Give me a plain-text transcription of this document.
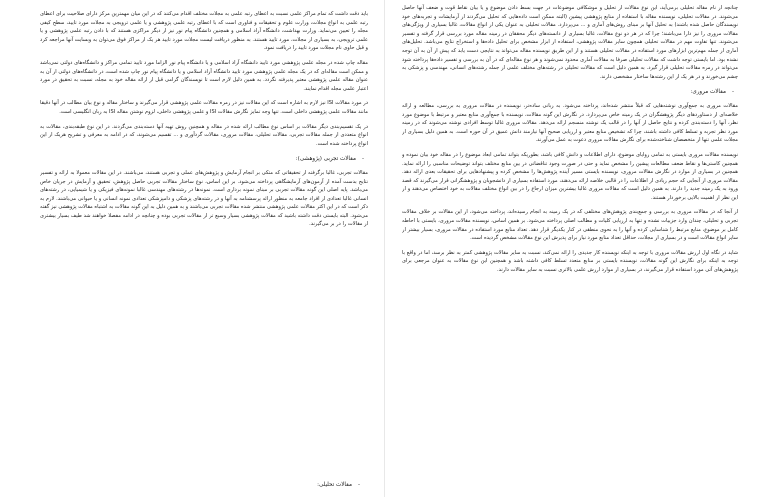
باید دقت داشت که تمام مراکز علمی نسبت به اعطای رتبه علمی به مجلات مختلف اقدام می‌کنند که در این میان مهمترین مرکز دارای صلاحیت برای اعطای رتبه علمی به انواع مجلات، وزارت علوم و تحقیقات و فناوری است که با اعطای رتبه علمی پژوهشی و یا علمی ترویجی به مجلات مورد تایید، سطح کیفی مجله را تعیین می‌نماید. وزارت بهداشت، دانشگاه آزاد اسلامی و همچنین دانشگاه پیام نور نیز از دیگر مراکزی هستند که با دادن رتبه علمی پژوهشی و یا علمی ترویجی، به بسیاری از مجلات، مورد تایید هستند. به منظور دریافت لیست مجلات مورد تایید هر یک از مراکز فوق می‌توان به وبسایت آنها مراجعه کرد و قبل حاوی نام مجلات مورد تایید را دریافت نمود.

مقاله چاپ شده در مجله علمی پژوهشی مورد تایید دانشگاه آزاد اسلامی و یا دانشگاه پیام نور الزاما مورد تایید تمامی مراکز و دانشگاه‌های دولتی نمی‌باشد و ممکن است مقاله‌ای که در یک مجله علمی پژوهشی مورد تایید دانشگاه آزاد اسلامی و یا دانشگاه پیام نور چاپ شده است، در دانشگاه‌های دولتی از آن به عنوان مقاله علمی پژوهشی معتبر پذیرفته نگردد. به همین دلیل لازم است تا نویسندگان گرامی قبل از ارائه مقاله خود به مجله، نسبت به تحقیق در مورد اعتبار علمی مجله اقدام نمایند.

در مورد مقالات ISI نیز لازم به اشاره است که این مقالات نیز در زمره مقالات علمی پژوهشی قرار می‌گیرند و ساختار مقاله و نوع بیان مطالب در آنها دقیقا مانند مقالات علمی پژوهشی داخلی است. تنها وجه تمایز نگارش مقالات ISI و علمی پژوهشی داخلی، لزوم نوشتن مقاله ISI به زبان انگلیسی است.

در یک تقسیم‌بندی دیگر مقالات بر اساس نوع مطالب ارائه شده در مقاله و همچنین روش تهیه آنها دسته‌بندی می‌گردند. در این نوع طبقه‌بندی، مقالات به انواع متعددی از جمله مقالات تجربی، مقالات تحلیلی، مقالات مروری، مقالات گردآوری و ... تقسیم می‌شوند، که در ادامه به معرفی و تشریح هریک از این انواع پرداخته شده است.

-مقالات تجربی (پژوهشی):

مقالات تجربی، غالبا برگرفته از تحقیقاتی که متکی بر انجام آزمایش و پژوهش‌های عملی و تجربی هستند، می‌باشند. در این مقالات معمولا به ارائه و تفسیر نتایج بدست آمده از آزمون‌های آزمایشگاهی پرداخته می‌شود. بر این اساس، نوع ساختار مقالات تجربی حاصل پژوهش، تحقیق و آزمایش در جریان خاص می‌باشد. پایه اصلی این گونه مقالات تجربی بر مبنای نمونه برداری است. نمونه‌ها در رشته‌های مهندسی غالبا نمونه‌های فیزیکی و یا شیمیایی، در رشته‌های انسانی غالبا تعدادی از افراد جامعه به منظور ارائه پرسشنامه به آنها و در رشته‌های پزشکی و دامپزشکی تعدادی نمونه انسانی و یا حیوانی می‌باشند. لازم به ذکر است که در این اکثر مقالات علمی پژوهشی منتشر شده مقالات تجربی می‌باشند و به همین دلیل به این گونه مقالات به اشتباه مقالات پژوهشی نیز گفته می‌شود. البته بایستی دقت داشته باشید که مقالات پژوهشی بسیار وسیع تر از مقالات تجربی بوده و چنانچه در ادامه مفصلا خواهند شد طیف بسیار بیشتری از مقالات را در بر می‌گیرند.

-مقالات تحلیلی:

چنانچه از نام مقاله تحلیلی برمی‌آید، این نوع مقالات از تحلیل و موشکافی موضوعات در جهت بسط دادن موضوع و یا بیان نقاط قوت و ضعف آنها حاصل می‌شوند. در مقالات تحلیلی، نویسنده مقاله با استفاده از منابع پژوهشی پیشین (البته ممکن است داده‌هایی که تحلیل می‌گردند از آزمایشات و تجربه‌های خود نویسندگان حاصل شده باشند) به تحلیل آنها بر مبنای روش‌های آماری و ... می‌پردازد. مقالات تحلیلی به عنوان یکی از انواع مقالات، غالبا بسیاری از ویژگی‌های مقالات مروری را نیز دارا می‌باشند؛ چرا که در هر دو نوع مقالات، غالبا بسیاری از دانسته‌های دیگر محققان در زمینه مقاله مورد بررسی قرار گرفته و تفسیر می‌شوند. تنها تفاوت مهم در مقالات تحلیلی همچون سایر مقالات پژوهشی، استفاده از ابزار مشخص برای تحلیل داده‌ها و استخراج نتایج می‌باشد. تحلیل‌های آماری از جمله مهم‌ترین ابزارهای مورد استفاده در مقالات تحلیلی هستند و از این طریق نویسنده مقاله می‌تواند به نتایجی دست یابد که پیش از آن به آن توجه نشده بود. اما بایستی توجه داشت که مقالات تحلیلی صرفا به مقالات آماری محدود نمی‌شوند و هر نوع مقاله‌ای که در آن به بررسی و تفسیر داده‌ها پرداخته شود می‌تواند در زمره مقالات تحلیلی قرار گیرد. به همین دلیل است که مقالات تحلیلی در رشته‌های مختلف علمی از جمله رشته‌های انسانی، مهندسی و پزشکی به چشم می‌خورند و در هر یک از این رشته‌ها ساختار مشخصی دارند.

-مقالات مروری:

مقالات مروری به جمع‌آوری نوشته‌هایی که قبلاً منتشر شده‌اند، پرداخته می‌شود. به زبانی ساده‌تر، نویسنده در مقالات مروری به بررسی، مطالعه و ارائه خلاصه‌ای از دستاوردهای دیگر پژوهشگران در یک زمینه خاص می‌پردازد. در نگارش این گونه مقالات، نویسنده با جمع‌آوری منابع معتبر و مرتبط با موضوع مورد نظر، آنها را دسته‌بندی کرده و نتایج حاصل از آنها را در قالب یک نوشته منسجم ارائه می‌دهد. مقالات مروری غالبا توسط افرادی نوشته می‌شوند که در زمینه مورد نظر تجربه و تسلط کافی داشته باشند، چرا که تشخیص منابع معتبر و ارزیابی صحیح آنها نیازمند دانش عمیق در آن حوزه است. به همین دلیل بسیاری از مجلات علمی تنها از متخصصان شناخته‌شده برای نگارش مقالات مروری دعوت به عمل می‌آورند.

نویسنده مقالات مروری بایستی به تمامی زوایای موضوع، دارای اطلاعات و دانش کافی باشد، بطوریکه بتواند تمامی ابعاد موضوع را در مقاله خود بیان نموده و همچنین کاستی‌ها و نقاط ضعف مطالعات پیشین را مشخص نماید و حتی در صورت وجود تناقضاتی در بین منابع مختلف بتواند توضیحات مناسبی را ارائه نماید. همچنین در بسیاری از موارد در نگارش مقالات مروری، نویسنده بایستی مسیر آینده پژوهش‌ها را مشخص کرده و پیشنهادهایی برای تحقیقات بعدی ارائه دهد. مقالات مروری از آنجایی که حجم زیادی از اطلاعات را در قالبی خلاصه ارائه می‌دهند، مورد استفاده بسیاری از دانشجویان و پژوهشگرانی قرار می‌گیرند که قصد ورود به یک زمینه جدید را دارند. به همین دلیل است که مقالات مروری غالبا بیشترین میزان ارجاع را در بین انواع مختلف مقالات به خود اختصاص می‌دهند و از این نظر از اهمیت بالایی برخوردار هستند.

از آنجا که در مقالات مروری به بررسی و جمع‌بندی پژوهش‌های مختلفی که در یک زمینه به انجام رسیده‌اند، پرداخته می‌شود، از این مقالات بر خلاف مقالات تجربی و تحلیلی، چندان وارد جزییات نشده و تنها به ارزیابی کلیات و مطالب اصلی پرداخته می‌شود. بر همین اساس، نویسنده مقالات مروری، بایستی با احاطه کامل بر موضوع، منابع مرتبط را شناسایی کرده و آنها را به نحوی منطقی در کنار یکدیگر قرار دهد. تعداد منابع مورد استفاده در مقالات مروری، بسیار بیشتر از سایر انواع مقالات است و در بسیاری از مجلات، حداقل تعداد منابع مورد نیاز برای پذیرش این نوع مقالات مشخص گردیده است.

شاید در نگاه اول ارزش مقالات مروری با توجه به اینکه نویسنده کار جدیدی را ارائه نمی‌کند، نسبت به سایر مقالات پژوهشی کمتر به نظر برسد، اما در واقع با توجه به اینکه برای نگارش این گونه مقالات، نویسنده بایستی بر منابع متعدد تسلط کافی داشته باشد و همچنین این نوع مقالات به عنوان مرجعی برای پژوهش‌های آتی مورد استفاده قرار می‌گیرند، در بسیاری از موارد ارزش علمی بالاتری نسبت به سایر مقالات دارند.
